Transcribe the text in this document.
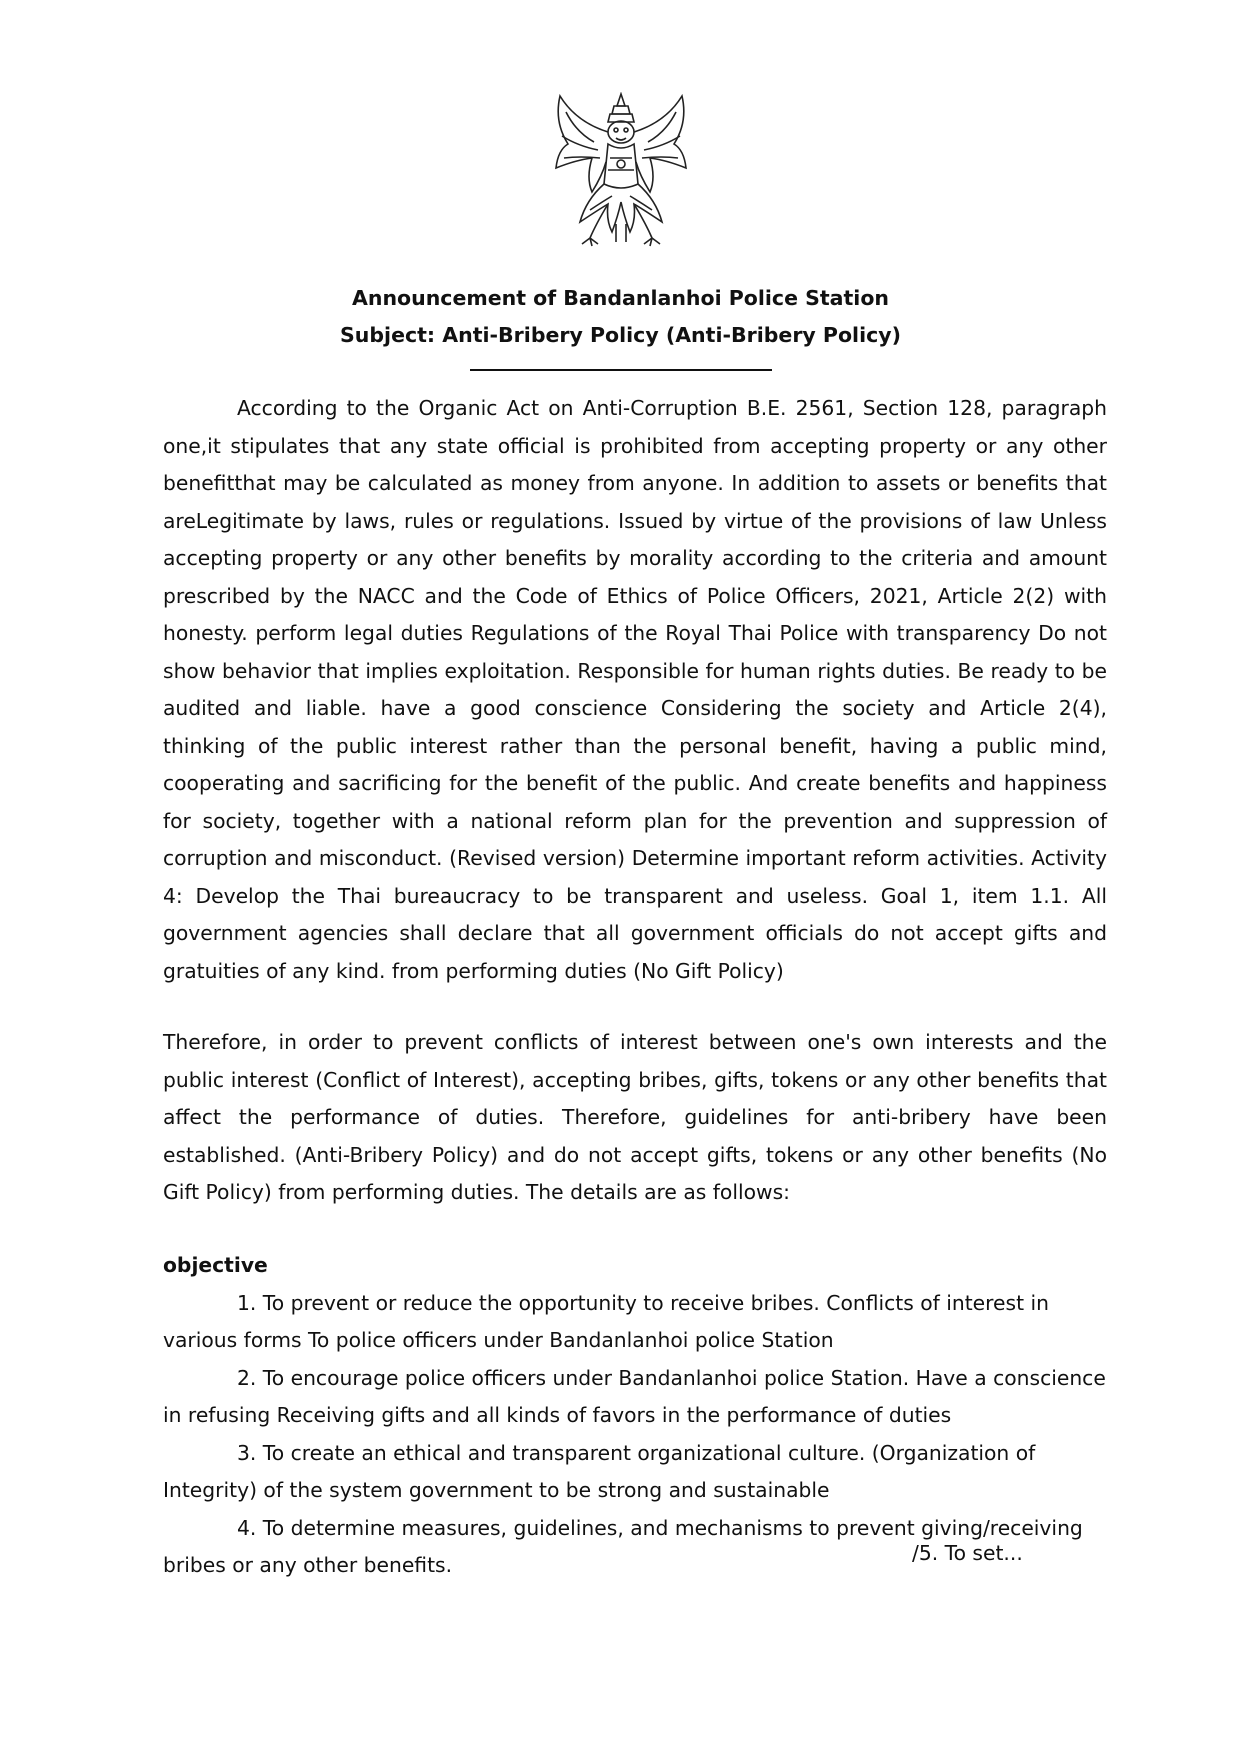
Announcement of Bandanlanhoi Police Station
Subject: Anti-Bribery Policy (Anti-Bribery Policy)

According to the Organic Act on Anti-Corruption B.E. 2561, Section 128, paragraph one,it stipulates that any state official is prohibited from accepting property or any other benefitthat may be calculated as money from anyone. In addition to assets or benefits that areLegitimate by laws, rules or regulations. Issued by virtue of the provisions of law Unless accepting property or any other benefits by morality according to the criteria and amount prescribed by the NACC and the Code of Ethics of Police Officers, 2021, Article 2(2) with honesty. perform legal duties Regulations of the Royal Thai Police with transparency Do not show behavior that implies exploitation. Responsible for human rights duties. Be ready to be audited and liable. have a good conscience Considering the society and Article 2(4), thinking of the public interest rather than the personal benefit, having a public mind, cooperating and sacrificing for the benefit of the public. And create benefits and happiness for society, together with a national reform plan for the prevention and suppression of corruption and misconduct. (Revised version) Determine important reform activities. Activity 4: Develop the Thai bureaucracy to be transparent and useless. Goal 1, item 1.1. All government agencies shall declare that all government officials do not accept gifts and gratuities of any kind. from performing duties (No Gift Policy)

Therefore, in order to prevent conflicts of interest between one's own interests and the public interest (Conflict of Interest), accepting bribes, gifts, tokens or any other benefits that affect the performance of duties. Therefore, guidelines for anti-bribery have been established. (Anti-Bribery Policy) and do not accept gifts, tokens or any other benefits (No Gift Policy) from performing duties. The details are as follows:

objective

1. To prevent or reduce the opportunity to receive bribes. Conflicts of interest in various forms To police officers under Bandanlanhoi police Station

2. To encourage police officers under Bandanlanhoi police Station. Have a conscience in refusing Receiving gifts and all kinds of favors in the performance of duties

3. To create an ethical and transparent organizational culture. (Organization of Integrity) of the system government to be strong and sustainable

4. To determine measures, guidelines, and mechanisms to prevent giving/receiving bribes or any other benefits.	/5. To set...
